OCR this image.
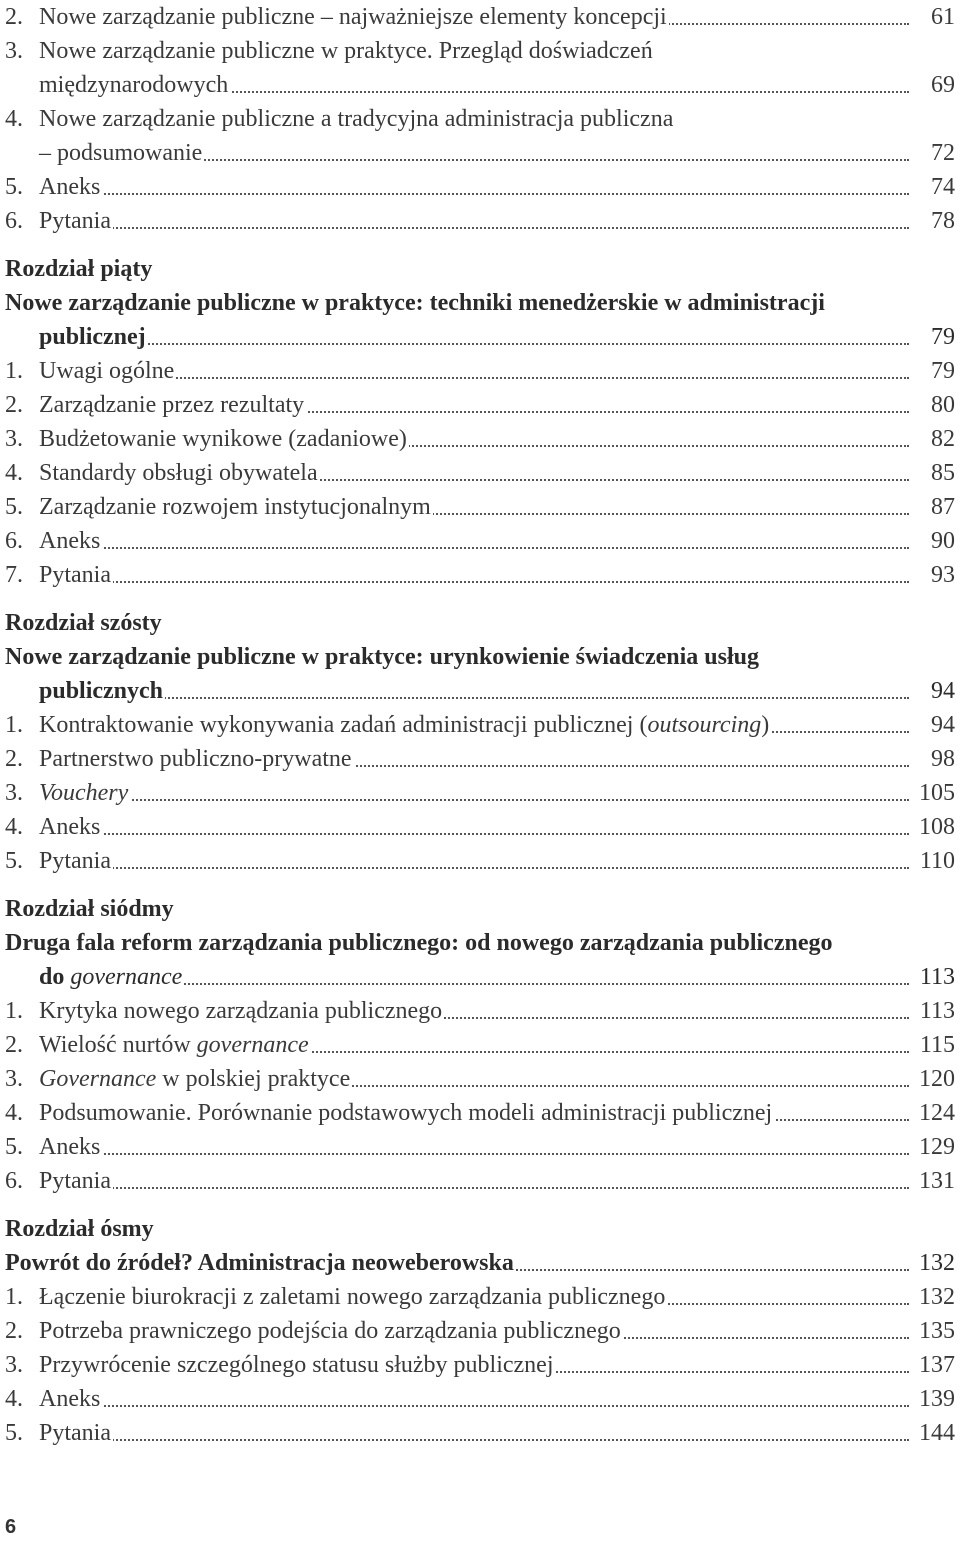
2. Nowe zarządzanie publiczne – najważniejsze elementy koncepcji	61
3. Nowe zarządzanie publiczne w praktyce. Przegląd doświadczeń
międzynarodowych	69
4. Nowe zarządzanie publiczne a tradycyjna administracja publiczna
– podsumowanie	72
5. Aneks	74
6. Pytania	78
Rozdział piąty
Nowe zarządzanie publiczne w praktyce: techniki menedżerskie w administracji
publicznej	79
1. Uwagi ogólne	79
2. Zarządzanie przez rezultaty	80
3. Budżetowanie wynikowe (zadaniowe)	82
4. Standardy obsługi obywatela	85
5. Zarządzanie rozwojem instytucjonalnym	87
6. Aneks	90
7. Pytania	93
Rozdział szósty
Nowe zarządzanie publiczne w praktyce: urynkowienie świadczenia usług
publicznych	94
1. Kontraktowanie wykonywania zadań administracji publicznej (outsourcing)	94
2. Partnerstwo publiczno-prywatne	98
3. Vouchery	105
4. Aneks	108
5. Pytania	110
Rozdział siódmy
Druga fala reform zarządzania publicznego: od nowego zarządzania publicznego
do governance	113
1. Krytyka nowego zarządzania publicznego	113
2. Wielość nurtów governance	115
3. Governance w polskiej praktyce	120
4. Podsumowanie. Porównanie podstawowych modeli administracji publicznej	124
5. Aneks	129
6. Pytania	131
Rozdział ósmy
Powrót do źródeł? Administracja neoweberowska	132
1. Łączenie biurokracji z zaletami nowego zarządzania publicznego	132
2. Potrzeba prawniczego podejścia do zarządzania publicznego	135
3. Przywrócenie szczególnego statusu służby publicznej	137
4. Aneks	139
5. Pytania	144
6
